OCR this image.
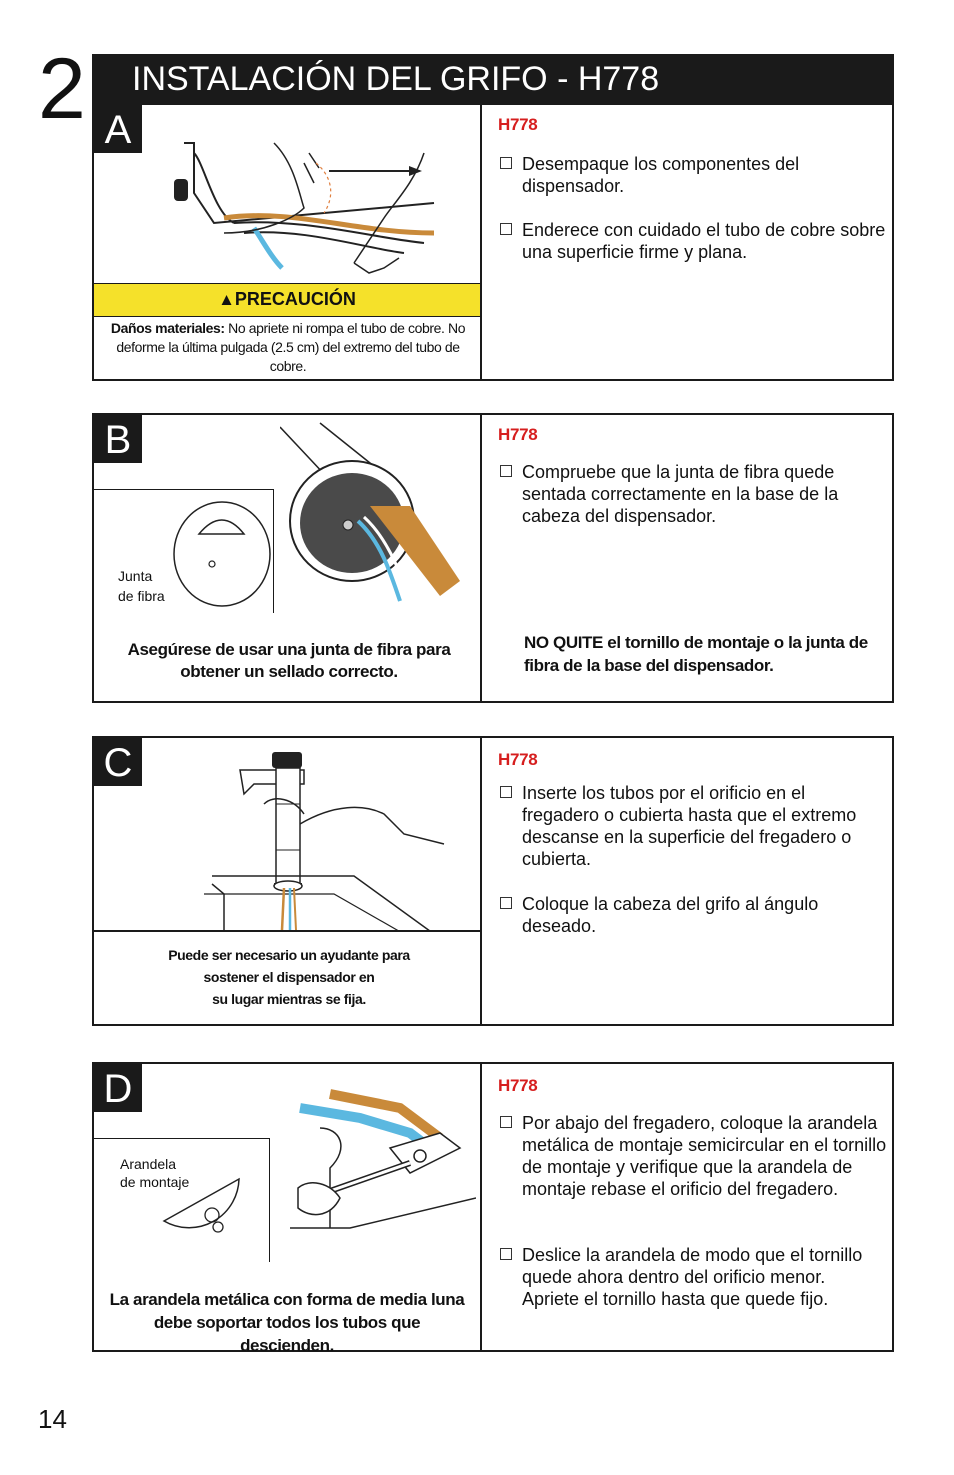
2	INSTALACIÓN DEL GRIFO - H778
A
▲PRECAUCIÓN
Daños materiales: No apriete ni rompa el tubo de cobre. No deforme la última pulgada (2.5 cm) del extremo del tubo de cobre.
H778
Desempaque los componentes del dispensador.
Enderece con cuidado el tubo de cobre sobre una superficie firme y plana.
B
Junta
de fibra
Asegúrese de usar una junta de fibra para obtener un sellado correcto.
H778
Compruebe que la junta de fibra quede sentada correctamente en la base de la cabeza del dispensador.
NO QUITE el tornillo de montaje o la junta de fibra de la base del dispensador.
C
Puede ser necesario un ayudante para
sostener el dispensador en
su lugar mientras se fija.
H778
Inserte los tubos por el orificio en el fregadero o cubierta hasta que el extremo descanse en la superficie del fregadero o cubierta.
Coloque la cabeza del grifo al ángulo deseado.
D
Arandela
de montaje
La arandela metálica con forma de media luna debe soportar todos los tubos que descienden.
H778
Por abajo del fregadero, coloque la arandela metálica de montaje semicircular en el tornillo de montaje y verifique que la arandela de montaje rebase el orificio del fregadero.
Deslice la arandela de modo que el tornillo quede ahora dentro del orificio menor. Apriete el tornillo hasta que quede fijo.
14
